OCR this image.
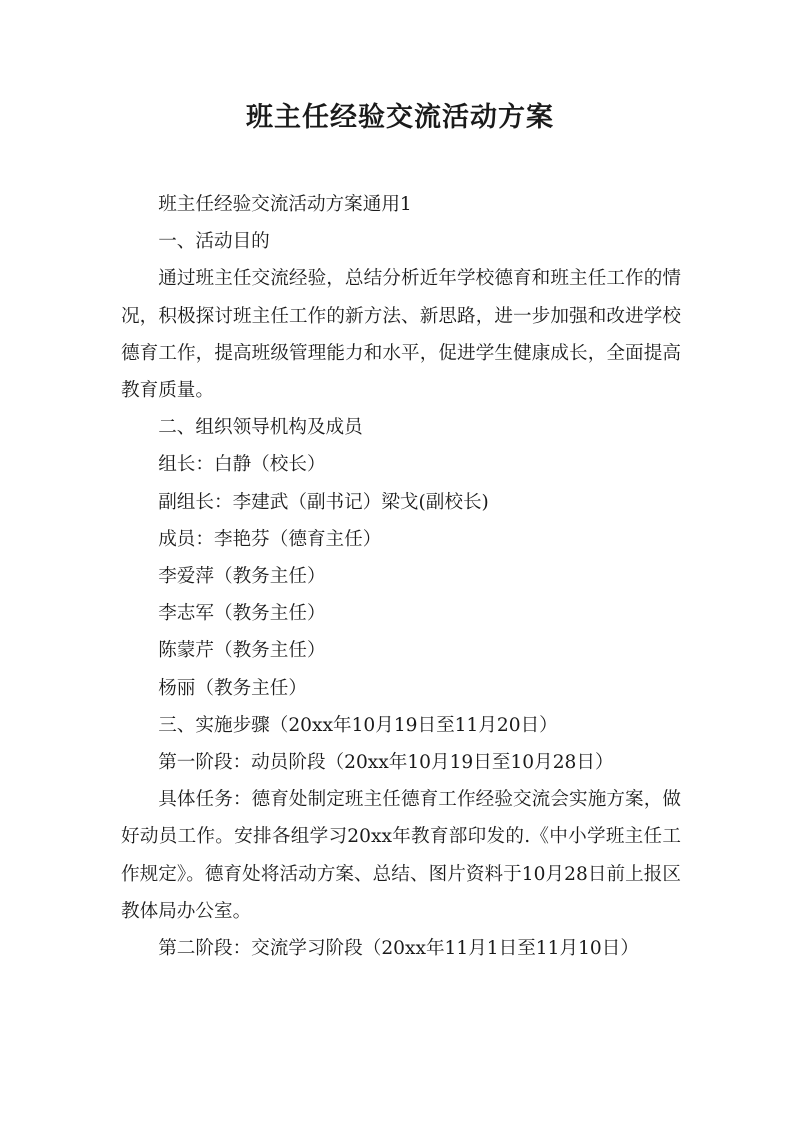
班主任经验交流活动方案

班主任经验交流活动方案通用1

一、活动目的

通过班主任交流经验，总结分析近年学校德育和班主任工作的情况，积极探讨班主任工作的新方法、新思路，进一步加强和改进学校德育工作，提高班级管理能力和水平，促进学生健康成长，全面提高教育质量。

二、组织领导机构及成员

组长：白静（校长）

副组长：李建武（副书记）梁戈(副校长)

成员：李艳芬（德育主任）

李爱萍（教务主任）

李志军（教务主任）

陈蒙芹（教务主任）

杨丽（教务主任）

三、实施步骤（20xx年10月19日至11月20日）

第一阶段：动员阶段（20xx年10月19日至10月28日）

具体任务：德育处制定班主任德育工作经验交流会实施方案，做好动员工作。安排各组学习20xx年教育部印发的.《中小学班主任工作规定》。德育处将活动方案、总结、图片资料于10月28日前上报区教体局办公室。

第二阶段：交流学习阶段（20xx年11月1日至11月10日）
